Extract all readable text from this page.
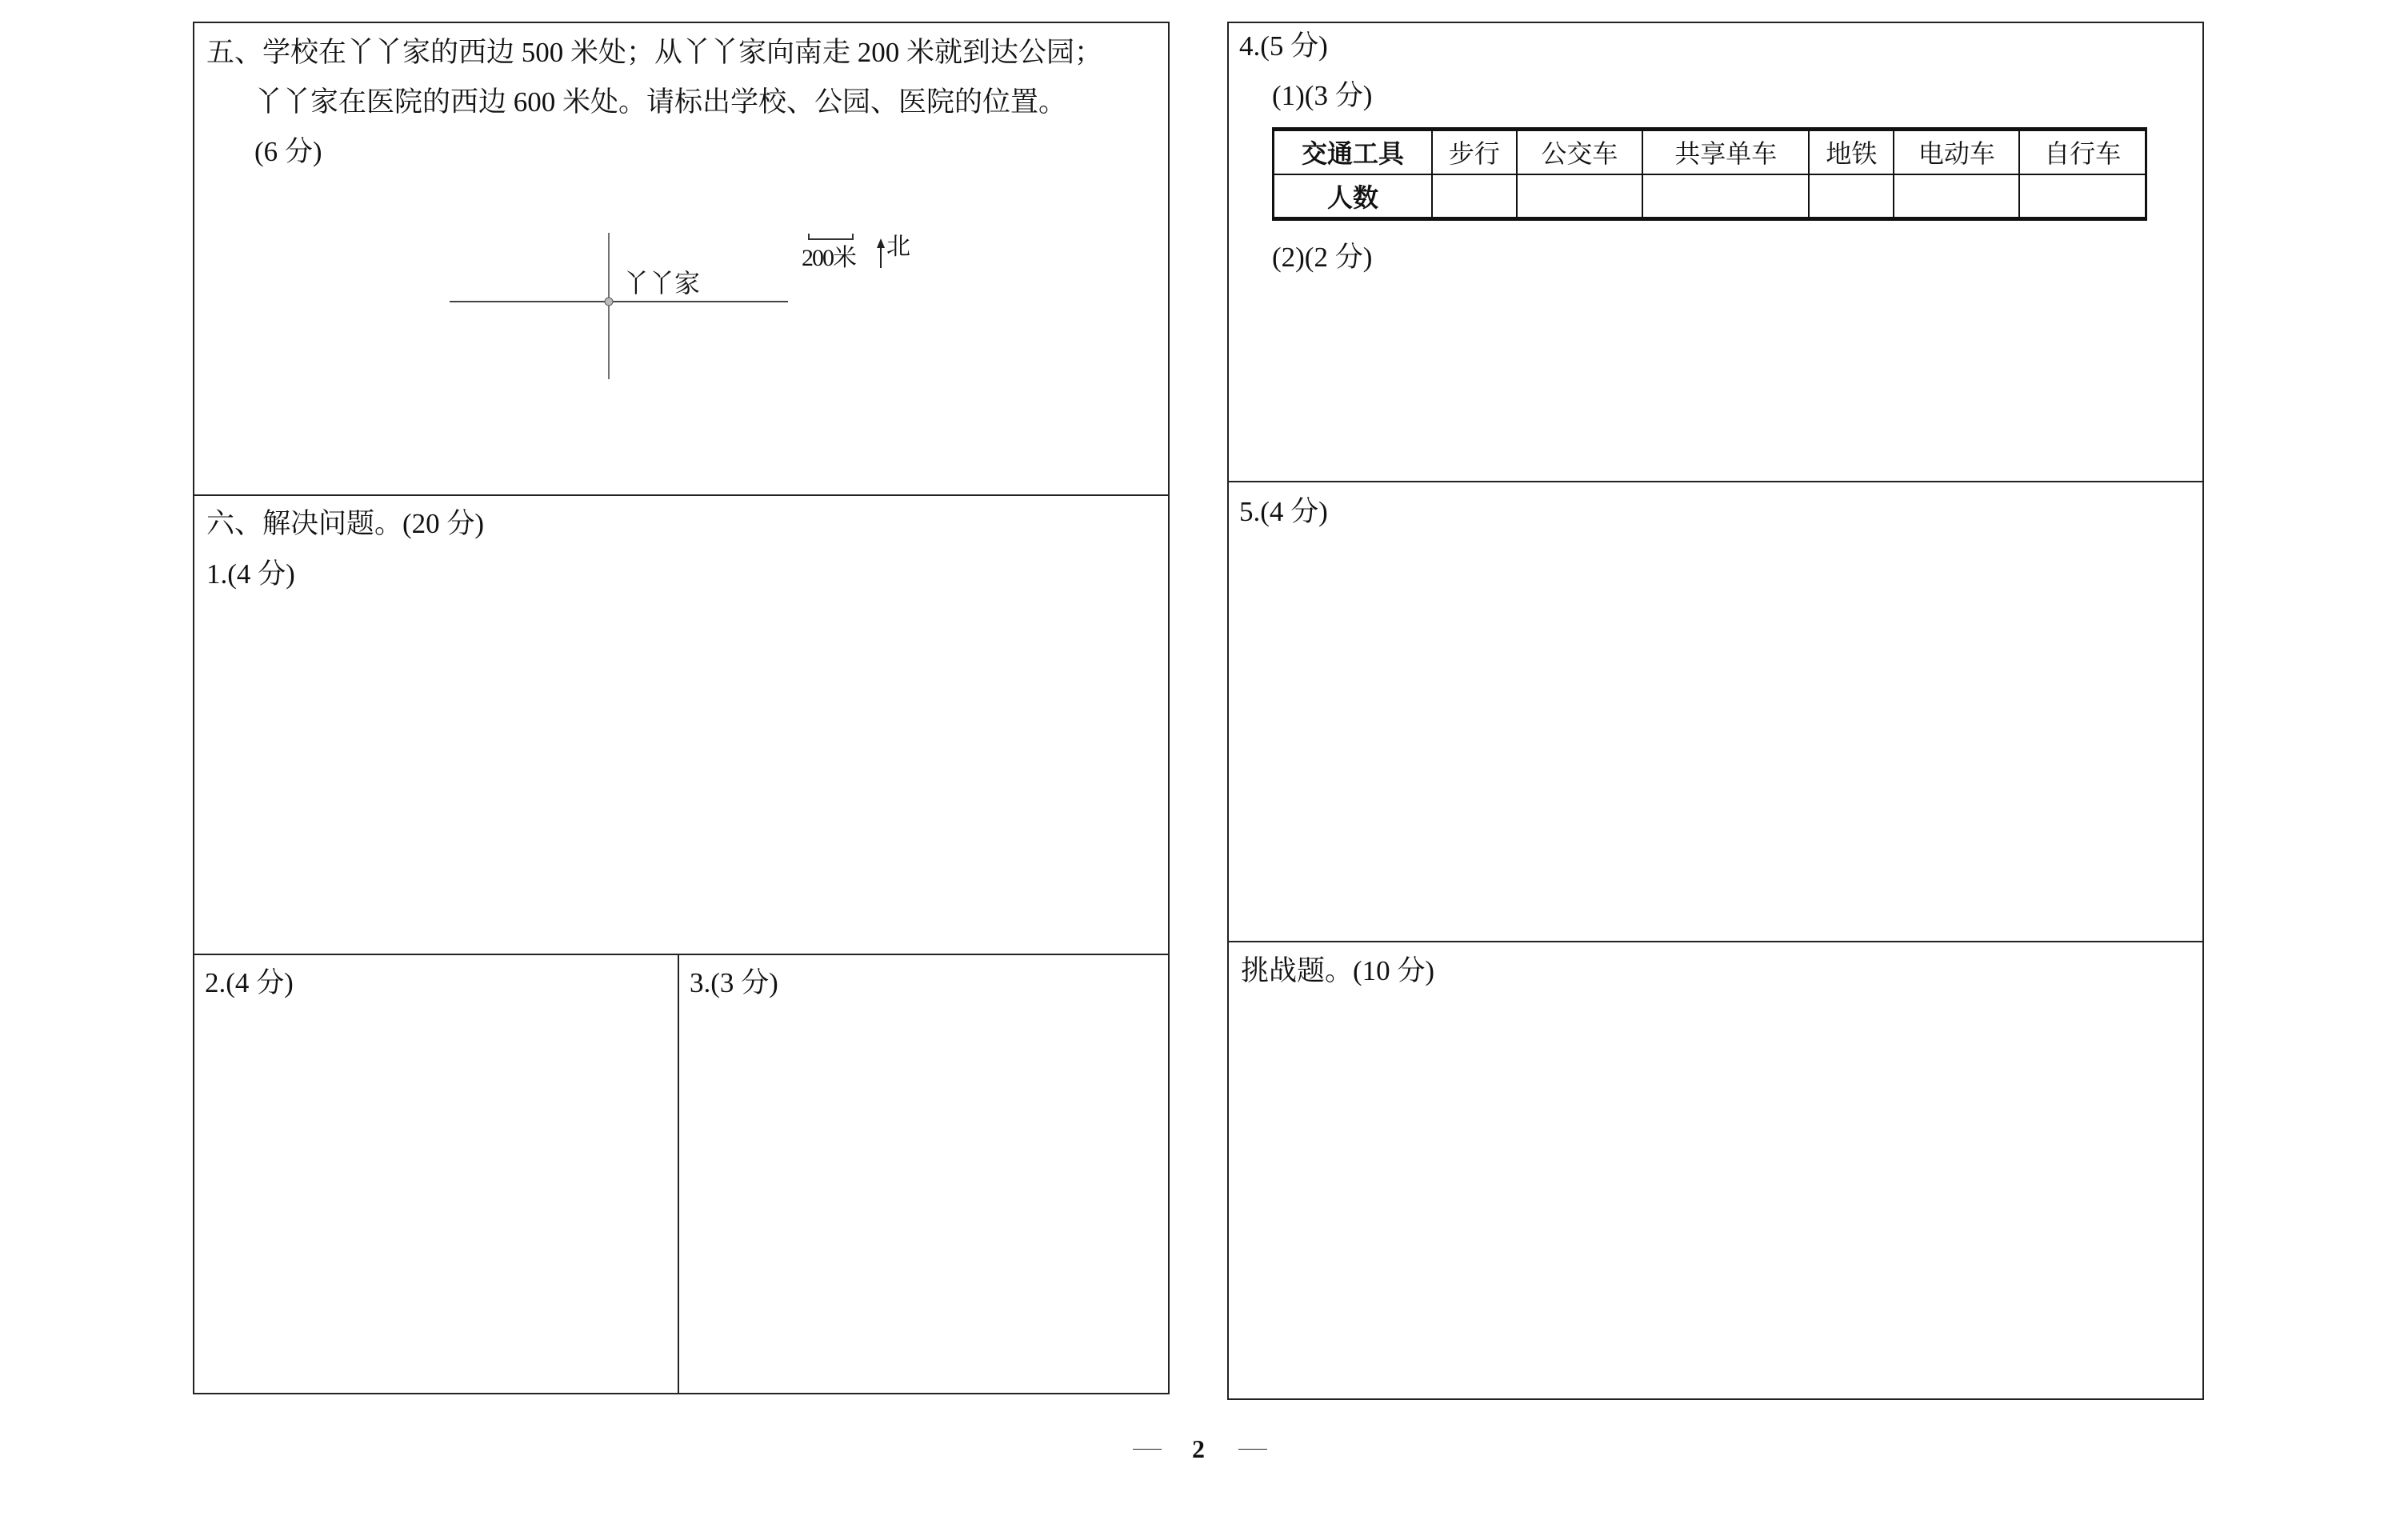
五、学校在丫丫家的西边 500 米处；从丫丫家向南走 200 米就到达公园；
丫丫家在医院的西边 600 米处。请标出学校、公园、医院的位置。
(6 分)
丫丫家
200米 北
六、解决问题。(20 分)
1.(4 分)
2.(4 分)	3.(3 分)
4.(5 分)
(1)(3 分)
交通工具	步行	公交车	共享单车	地铁	电动车	自行车
人数						
(2)(2 分)
5.(4 分)
挑战题。(10 分)
2
